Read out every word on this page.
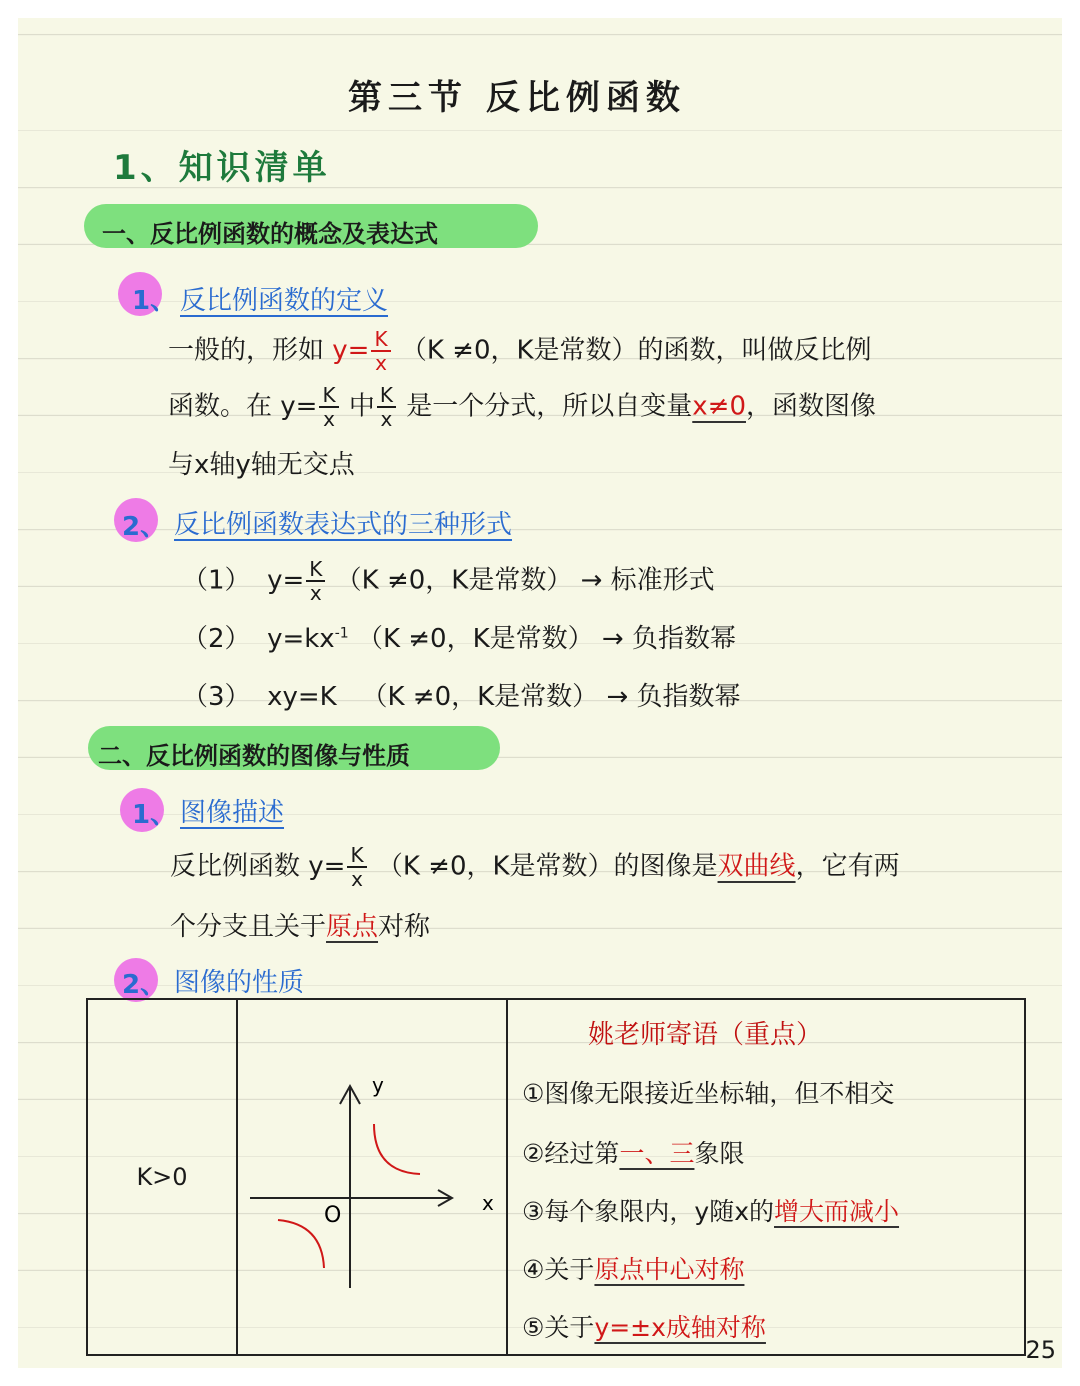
第三节 反比例函数
1、知识清单
一、反比例函数的概念及表达式
1、 反比例函数的定义
一般的，形如 $y= \frac{K}{x} (K \ne 0$，K是常数）的函数，叫做反比例
函数。在 $y= \frac{K}{x}$ 中 $\frac{K}{x}$ 是一个分式，所以自变量x≠0，函数图像
与x轴y轴无交点
2、 反比例函数表达式的三种形式
（1） $y= \frac{K}{x} (K \ne 0$，K是常数） → 标准形式
（2） $y=kx^{-1}$ （K ≠0，K是常数） → 负指数幂
（3） xy=K （K ≠0，K是常数） → 负指数幂
二、反比例函数的图像与性质
1、 图像描述
反比例函数 $y= \frac{K}{x} (K \ne 0$，K是常数）的图像是双曲线，它有两
个分支且关于原点对称
2、 图像的性质
25
K>0	
y
x
O

姚老师寄语（重点）
①图像无限接近坐标轴，但不相交
②经过第一、三象限
③每个象限内，y随x的增大而减小
④关于原点中心对称
⑤关于y=±x成轴对称
